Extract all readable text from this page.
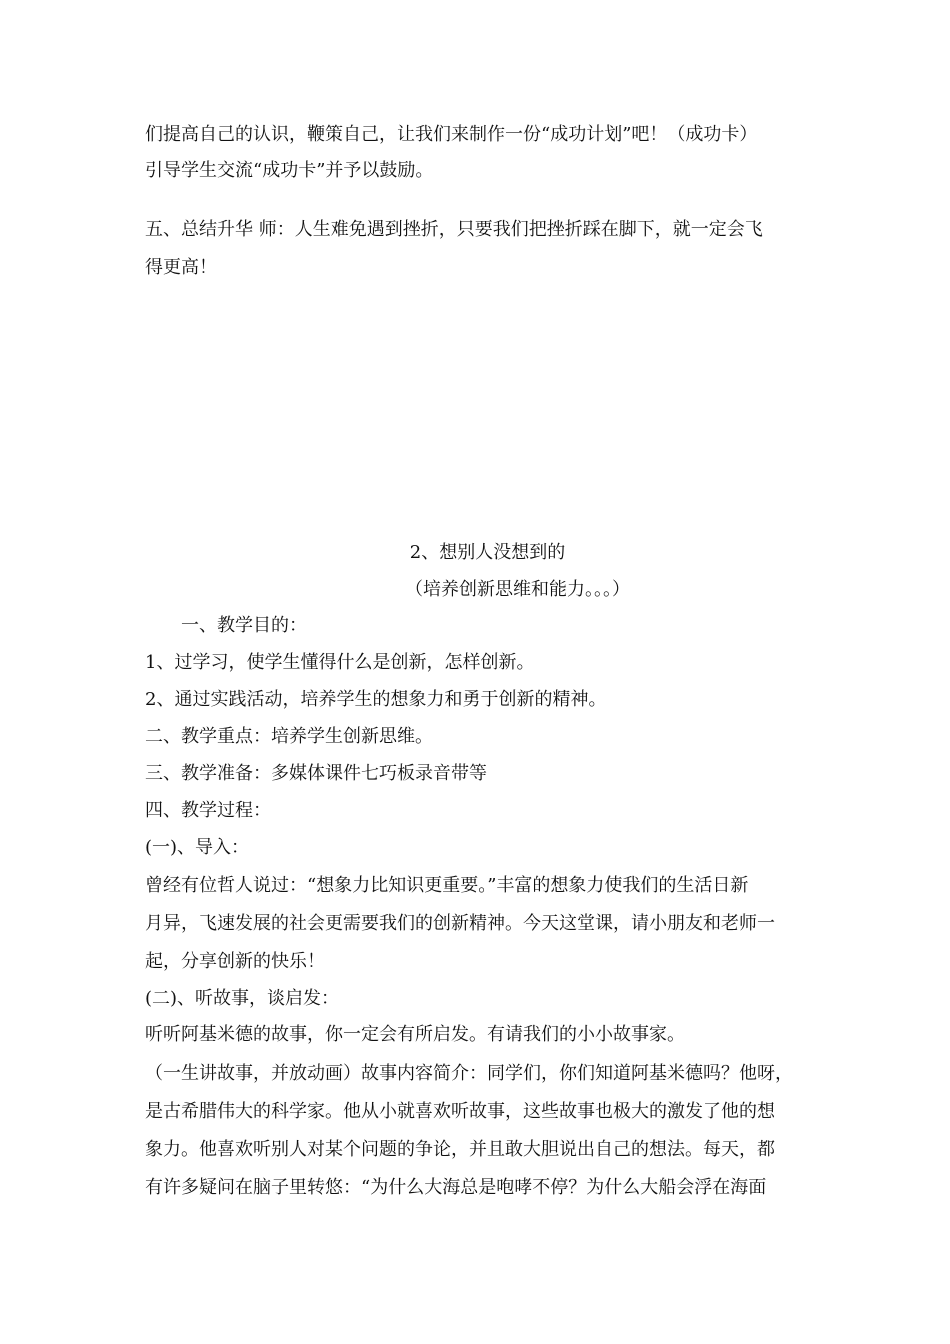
们提高自己的认识，鞭策自己，让我们来制作一份“成功计划”吧！（成功卡）

引导学生交流“成功卡”并予以鼓励。

五、总结升华 师：人生难免遇到挫折，只要我们把挫折踩在脚下，就一定会飞

得更高！

2、想别人没想到的

（培养创新思维和能力。。。）

一、教学目的：

1、过学习，使学生懂得什么是创新，怎样创新。

2、通过实践活动，培养学生的想象力和勇于创新的精神。

二、教学重点：培养学生创新思维。

三、教学准备：多媒体课件七巧板录音带等

四、教学过程：

(一)、导入：

曾经有位哲人说过：“想象力比知识更重要。”丰富的想象力使我们的生活日新

月异，飞速发展的社会更需要我们的创新精神。今天这堂课，请小朋友和老师一

起，分享创新的快乐！

(二)、听故事，谈启发：

听听阿基米德的故事，你一定会有所启发。有请我们的小小故事家。

（一生讲故事，并放动画）故事内容简介：同学们，你们知道阿基米德吗？他呀，

是古希腊伟大的科学家。他从小就喜欢听故事，这些故事也极大的激发了他的想

象力。他喜欢听别人对某个问题的争论，并且敢大胆说出自己的想法。每天，都

有许多疑问在脑子里转悠：“为什么大海总是咆哮不停？为什么大船会浮在海面
